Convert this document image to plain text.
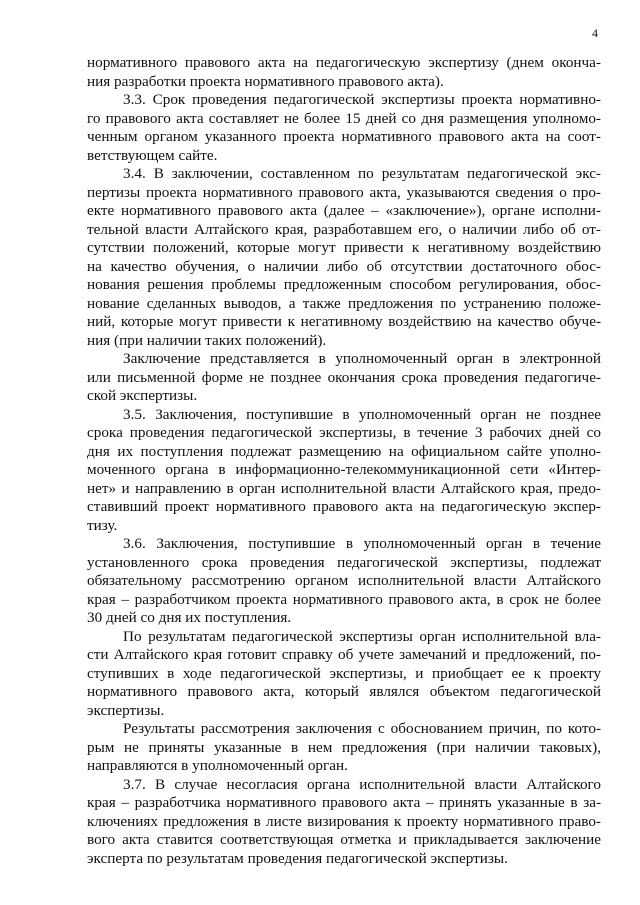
4
нормативного правового акта на педагогическую экспертизу (днем оконча-
ния разработки проекта нормативного правового акта).
3.3. Срок проведения педагогической экспертизы проекта нормативно-
го правового акта составляет не более 15 дней со дня размещения уполномо-
ченным органом указанного проекта нормативного правового акта на соот-
ветствующем сайте.
3.4. В заключении, составленном по результатам педагогической экс-
пертизы проекта нормативного правового акта, указываются сведения о про-
екте нормативного правового акта (далее – «заключение»), органе исполни-
тельной власти Алтайского края, разработавшем его, о наличии либо об от-
сутствии положений, которые могут привести к негативному воздействию
на качество обучения, о наличии либо об отсутствии достаточного обос-
нования решения проблемы предложенным способом регулирования, обос-
нование сделанных выводов, а также предложения по устранению положе-
ний, которые могут привести к негативному воздействию на качество обуче-
ния (при наличии таких положений).
Заключение представляется в уполномоченный орган в электронной
или письменной форме не позднее окончания срока проведения педагогиче-
ской экспертизы.
3.5. Заключения, поступившие в уполномоченный орган не позднее
срока проведения педагогической экспертизы, в течение 3 рабочих дней со
дня их поступления подлежат размещению на официальном сайте уполно-
моченного органа в информационно-телекоммуникационной сети «Интер-
нет» и направлению в орган исполнительной власти Алтайского края, предо-
ставивший проект нормативного правового акта на педагогическую экспер-
тизу.
3.6. Заключения, поступившие в уполномоченный орган в течение
установленного срока проведения педагогической экспертизы, подлежат
обязательному рассмотрению органом исполнительной власти Алтайского
края – разработчиком проекта нормативного правового акта, в срок не более
30 дней со дня их поступления.
По результатам педагогической экспертизы орган исполнительной вла-
сти Алтайского края готовит справку об учете замечаний и предложений, по-
ступивших в ходе педагогической экспертизы, и приобщает ее к проекту
нормативного правового акта, который являлся объектом педагогической
экспертизы.
Результаты рассмотрения заключения с обоснованием причин, по кото-
рым не приняты указанные в нем предложения (при наличии таковых),
направляются в уполномоченный орган.
3.7. В случае несогласия органа исполнительной власти Алтайского
края – разработчика нормативного правового акта – принять указанные в за-
ключениях предложения в листе визирования к проекту нормативного право-
вого акта ставится соответствующая отметка и прикладывается заключение
эксперта по результатам проведения педагогической экспертизы.
